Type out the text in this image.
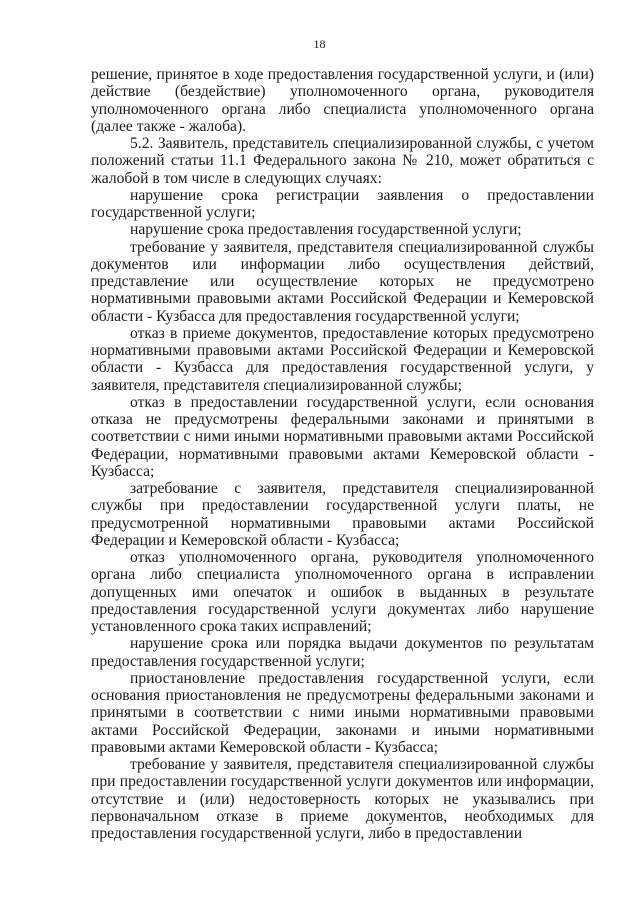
18

решение, принятое в ходе предоставления государственной услуги, и (или) действие (бездействие) уполномоченного органа, руководителя уполномоченного органа либо специалиста уполномоченного органа (далее также - жалоба).

5.2. Заявитель, представитель специализированной службы, с учетом положений статьи 11.1 Федерального закона № 210, может обратиться с жалобой в том числе в следующих случаях:

нарушение срока регистрации заявления о предоставлении государственной услуги;

нарушение срока предоставления государственной услуги;

требование у заявителя, представителя специализированной службы документов или информации либо осуществления действий, представление или осуществление которых не предусмотрено нормативными правовыми актами Российской Федерации и Кемеровской области - Кузбасса для предоставления государственной услуги;

отказ в приеме документов, предоставление которых предусмотрено нормативными правовыми актами Российской Федерации и Кемеровской области - Кузбасса для предоставления государственной услуги, у заявителя, представителя специализированной службы;

отказ в предоставлении государственной услуги, если основания отказа не предусмотрены федеральными законами и принятыми в соответствии с ними иными нормативными правовыми актами Российской Федерации, нормативными правовыми актами Кемеровской области - Кузбасса;

затребование с заявителя, представителя специализированной службы при предоставлении государственной услуги платы, не предусмотренной нормативными правовыми актами Российской Федерации и Кемеровской области - Кузбасса;

отказ уполномоченного органа, руководителя уполномоченного органа либо специалиста уполномоченного органа в исправлении допущенных ими опечаток и ошибок в выданных в результате предоставления государственной услуги документах либо нарушение установленного срока таких исправлений;

нарушение срока или порядка выдачи документов по результатам предоставления государственной услуги;

приостановление предоставления государственной услуги, если основания приостановления не предусмотрены федеральными законами и принятыми в соответствии с ними иными нормативными правовыми актами Российской Федерации, законами и иными нормативными правовыми актами Кемеровской области - Кузбасса;

требование у заявителя, представителя специализированной службы при предоставлении государственной услуги документов или информации, отсутствие и (или) недостоверность которых не указывались при первоначальном отказе в приеме документов, необходимых для предоставления государственной услуги, либо в предоставлении
